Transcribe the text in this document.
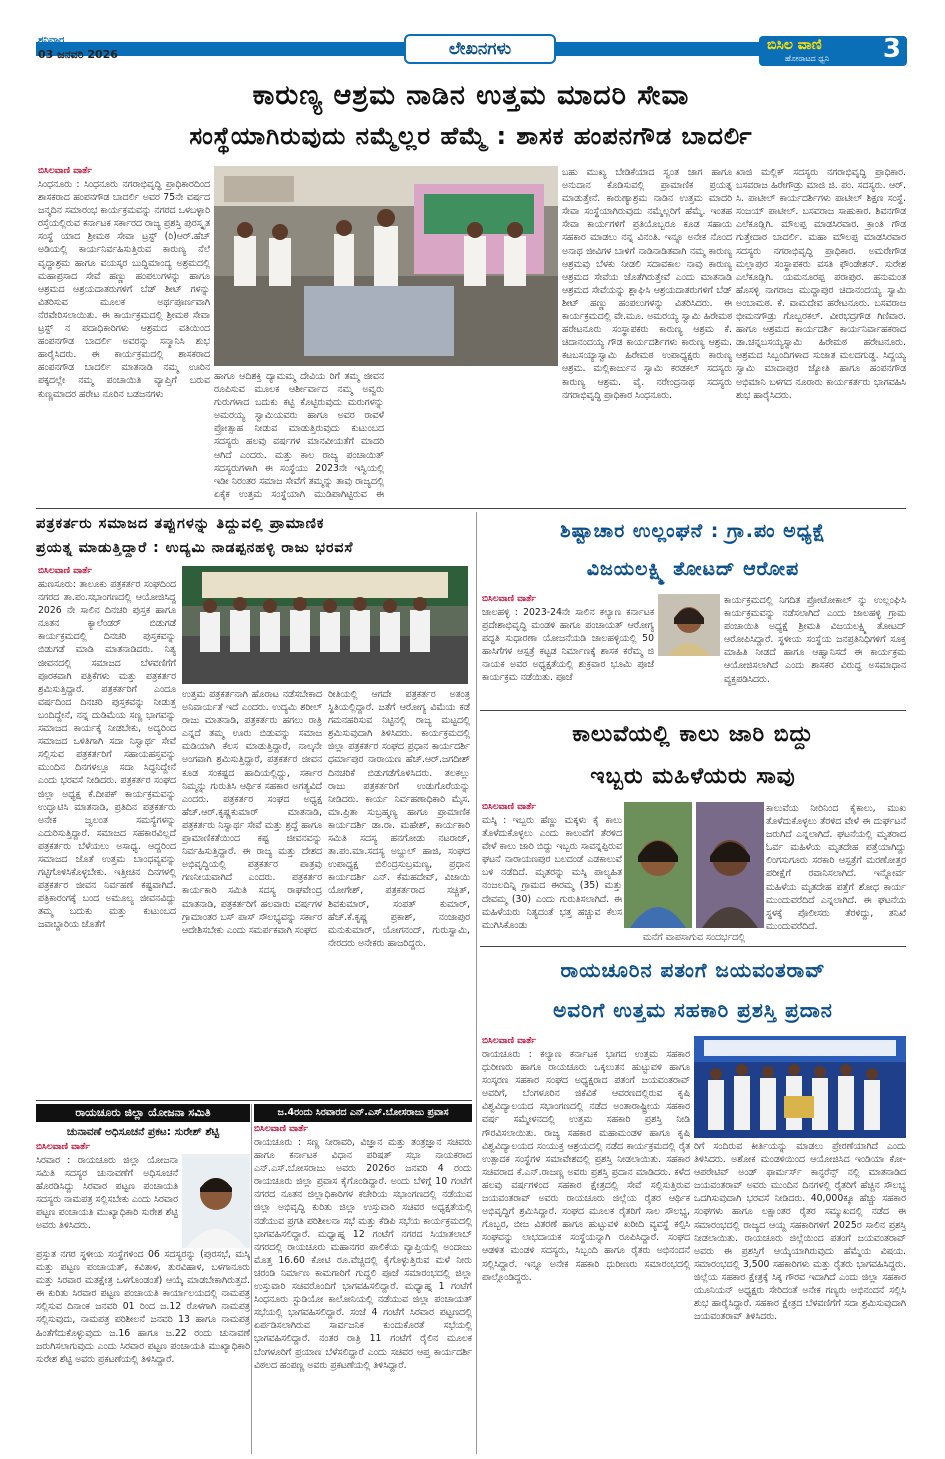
ಶನಿವಾರ
03 ಜನವರಿ 2026	ಲೇಖನಗಳು	ಬಿಸಿಲ ವಾಣಿ
ಹೋರಾಟದ ಧ್ವನಿ 3
ಕಾರುಣ್ಯ ಆಶ್ರಮ ನಾಡಿನ ಉತ್ತಮ ಮಾದರಿ ಸೇವಾ
ಸಂಸ್ಥೆಯಾಗಿರುವುದು ನಮ್ಮೆಲ್ಲರ ಹೆಮ್ಮೆ : ಶಾಸಕ ಹಂಪನಗೌಡ ಬಾದರ್ಲಿ
ಬಿಸಿಲವಾಣಿ ವಾರ್ತೆ
ಸಿಂಧನೂರು : ಸಿಂಧನೂರು ನಗರಾಭಿವೃದ್ಧಿ ಪ್ರಾಧಿಕಾರದಿಂದ ಶಾಸಕರಾದ ಹಂಪನಗೌಡ ಬಾದರ್ಲಿ ಅವರ 75ನೇ ವರ್ಷದ ಜನ್ಮದಿನ ಸಮಾರಂಭ ಕಾರ್ಯಕ್ರಮವನ್ನು ನಗರದ ಒಳಬಳ್ಳಾರಿ ರಸ್ತೆಯಲ್ಲಿರುವ ಕರ್ನಾಟಕ ಸರ್ಕಾರದ ರಾಜ್ಯ ಪ್ರಶಸ್ತಿ ಪುರಸ್ಕೃತ ಸಂಸ್ಥೆ ಯಾದ ಶ್ರೀಮಠ ಸೇವಾ ಟ್ರಸ್ಟ್ (ರಿ)ಆರ್.ಹೆಚ್ ಅಡಿಯಲ್ಲಿ ಕಾರ್ಯನಿರ್ವಹಿಸುತ್ತಿರುವ ಕಾರುಣ್ಯ ನೆಲೆ ವೃದ್ಧಾಶ್ರಮ ಹಾಗೂ ವಯಸ್ಕರ ಬುದ್ಧಿಮಾಂದ್ಯ ಅಶ್ರಮದಲ್ಲಿ ಮಹಾಪ್ರಸಾದ ಸೇವೆ ಹಣ್ಣು ಹಂಪಲುಗಳನ್ನು ಹಾಗೂ ಆಶ್ರಮದ ಆಶ್ರಯದಾತರುಗಳಿಗೆ ಬೆಡ್ ಶೀಟ್ ಗಳನ್ನು ವಿತರಿಸುವ ಮೂಲಕ ಅರ್ಥಪೂರ್ಣವಾಗಿ ನೆರವೇರಿಸಲಾಯಿತು. ಈ ಕಾರ್ಯಕ್ರಮದಲ್ಲಿ ಶ್ರೀಮಠ ಸೇವಾ ಟ್ರಸ್ಟ್ ನ ಪದಾಧಿಕಾರಿಗಳು ಆಶ್ರಮದ ವತಿಯಿಂದ ಹಂಪನಗೌಡ ಬಾದರ್ಲಿ ಅವರನ್ನು ಸನ್ಮಾನಿಸಿ ಶುಭ ಹಾರೈಸಿದರು. ಈ ಕಾರ್ಯಕ್ರಮದಲ್ಲಿ ಶಾಸಕರಾದ ಹಂಪನಗೌಡ ಬಾದರ್ಲಿ ಮಾತನಾಡಿ ನಮ್ಮ ಊರಿನ ಪಕ್ಕದಲ್ಲೇ ನಮ್ಮ ಪಂಚಾಯಿತಿ ವ್ಯಾಪ್ತಿಗೆ ಬರುವ ಕುಣ್ಣಮಾದರ ಹರೇಟ ನೂರಿನ ಬಡಜನಗಳು
ಹಾಗೂ ಆದಿಶಕ್ತಿ ದ್ಯಾಮಮ್ಮ ದೇವಿಯ ರಿಗೆ ತಮ್ಮ ಜೀವನ ರೂಪಿಸುವ ಮೂಲಕ ಆರ್ಶೀರ್ವಾದ ನಮ್ಮ ಅವ್ವರು ಗುರುಗಳಾದ ಬದುಕು ಕಟ್ಟಿ ಕೊಟ್ಟಿರುವುದು ಮರುಗಳನ್ನು ಅಮರಯ್ಯ ಸ್ವಾಮಿಯವರು ಹಾಗೂ ಅವರ ರಾವಳೆ ಪ್ರೋತ್ಸಾಹ ನೀಡುವ ಮಾಡುತ್ತಿರುವುದು ಕುಟುಂಬದ ಸದಸ್ಯರು ಹಲವು ವರ್ಷಗಳ ಮಾನವೀಯತೆಗೆ ಮಾದರಿ ಆಗಿದೆ ಎಂದರು. ಮತ್ತು ಕಾಲ ರಾಜ್ಯ ಪಂಚಾಯಿತ್ ಸದಸ್ಯರುಗಳಾಗಿ ಈ ಸಂಸ್ಥೆಯು 2023ನೇ ಇಸ್ವಿಯಲ್ಲಿ ಇಡೀ ನಿರಂತರ ಸಮಾಜ ಸೇವೆಗೆ ತಮ್ಮನ್ನು ತಾವು ರಾಜ್ಯದಲ್ಲಿ ಏಕೈಕ ಉತ್ತಮ ಸಂಸ್ಥೆಯಾಗಿ ಮುಡಿಪಾಗಿಟ್ಟಿರುವ ಈ
ಬಹು ಮುಖ್ಯ ಬೇಡಿಕೆಯಾದ ಸ್ವಂತ ಜಾಗ ಹಾಗೂ ಅನುದಾನ ಕೊಡಿಸುವಲ್ಲಿ ಪ್ರಾಮಾಣಿಕ ಪ್ರಯತ್ನ ಮಾಡುತ್ತೇನೆ. ಕಾರುಣ್ಯಾಶ್ರಮ ನಾಡಿನ ಉತ್ತಮ ಮಾದರಿ ಸೇವಾ ಸಂಸ್ಥೆಯಾಗಿರುವುದು ನಮ್ಮೆಲ್ಲರಿಗೆ ಹೆಮ್ಮೆ. ಇಂತಹ ಸೇವಾ ಕಾರ್ಯಗಳಿಗೆ ಪ್ರತಿಯೊಬ್ಬರೂ ಕೂಡ ಸಹಾಯ ಸಹಕಾರ ಮಾಡಲು ನನ್ನ ವಿನಂತಿ. ಇನ್ನೂ ಅನೇಕ ನೊಂದ ಅನಾಥ ಜೀವಿಗಳ ಬಾಳಿಗೆ ನಾಡಿನಾಡಿತವಾಗಿ ನಮ್ಮ ಕಾರುಣ್ಯ ಆಶ್ರಮವು ಬೆಳಕು ನೀಡಲಿ ಸದಾವಕಾಲ ನಾವು ಕಾರುಣ್ಯ ಆಶ್ರಮದ ಸೇವೆಯ ಜೊತೆಗಿರುತ್ತೇವೆ ಎಂದು ಮಾತನಾಡಿ ಆಶ್ರಮದ ಸೇವೆಯನ್ನು ಶ್ಲಾಘಿಸಿ ಆಶ್ರಯದಾತರುಗಳಿಗೆ ಬೆಡ್ ಶೀಟ್ ಹಣ್ಣು ಹಂಪಲುಗಳನ್ನು ವಿತರಿಸಿದರು. ಈ ಕಾರ್ಯಕ್ರಮದಲ್ಲಿ ವೇ.ಮೂ. ಅಮರಯ್ಯ ಸ್ವಾಮಿ ಹಿರೇಮಠ ಹರೇಟನೂರು ಸಂಸ್ಥಾಪಕರು ಕಾರುಣ್ಯ ಆಶ್ರಮ ಕೆ. ಚಿದಾನಂದಯ್ಯ ಗೌಡ ಕಾರ್ಯದರ್ಶಿಗಳು ಕಾರುಣ್ಯ ಆಶ್ರಮ. ಕಟಬಸಯ್ಯಾಸ್ವಾಮಿ ಹಿರೇಮಠ ಉಪಾಧ್ಯಕ್ಷರು ಕಾರುಣ್ಯ ಆಶ್ರಮ. ಮಲ್ಲಿಕಾರ್ಜುನ ಸ್ವಾಮಿ ಕರಡಕಲ್ ಸದಸ್ಯರು ಕಾರುಣ್ಯ ಆಶ್ರಮ. ವೈ. ನರೇಂದ್ರನಾಥ ಸದಸ್ಯರು ನಗರಾಭಿವೃದ್ಧಿ ಪ್ರಾಧಿಕಾರ ಸಿಂಧನೂರು.
ಖಾಜಿ ಮಲ್ಲಿಕ್ ಸದಸ್ಯರು ನಗರಾಭಿವೃದ್ಧಿ ಪ್ರಾಧಿಕಾರ. ಬಸವರಾಜ ಹಿರೇಗೌಡ್ರು ಮಾಜಿ ಜಿ. ಪಂ. ಸದಸ್ಯರು. ಆರ್. ಸಿ. ಪಾಟೀಲ್ ಕಾರ್ಯದರ್ಶಿಗಳು ಪಾಟೀಲ್ ಶಿಕ್ಷಣ ಸಂಸ್ಥೆ. ಸಂಜಯ್ ಪಾಟೀಲ್. ಬಸವರಾಜ ಸಾಹುಕಾರ. ಶಿವನಗೌಡ ಎಲೆಕೂಡ್ಲಿಗಿ. ಮೌಲಪ್ಪ ಮಾಡಸಿರವಾರ. ಕ್ರಾಂತಿ ಗೌಡ ಗುತ್ತೇದಾರ ಬಾದರ್ಲಿ. ಮಹಾ ಮೌಲಪ್ಪ ಮಾಡಸಿರವಾರ ಸದಸ್ಯರು ನಗರಾಭಿವೃದ್ಧಿ ಪ್ರಾಧಿಕಾರ. ಅಮರೇಗೌಡ ಮಲ್ಲಾಪುರ ಸಂಸ್ಥಾಪಕರು ವಸತಿ ಫೌಂಡೇಶನ್. ಸುರೇಶ ಎಲೆಕೂಡ್ಲಿಗಿ. ಯಮನೂರಪ್ಪ ಪರಾಪುರ. ಹನುಮಂತ ಹೊಸಳ್ಳಿ ನಾಗರಾಜ ಮುದ್ದಾಪುರ ಚಿದಾನಂದಯ್ಯ ಸ್ವಾಮಿ ಅಂಬಾಮಠ. ಕೆ. ವಾಮದೇವ ಹರೇಟನೂರು. ಬಸವರಾಜ ಭೀಮನಗೌಡ್ರು ಗೊಬ್ಬರಕಲ್. ವೀರಭದ್ರಗೌಡ ಗಿಣಿವಾರ. ಹಾಗೂ ಆಶ್ರಮದ ಕಾರ್ಯದರ್ಶಿ ಕಾರ್ಯನಿರ್ವಾಹಕರಾದ ಡಾ.ಚನ್ನಬಸಯ್ಯಸ್ವಾಮಿ ಹಿರೇಮಠ ಹರೇಟನೂರು. ಆಶ್ರಮದ ಸಿಬ್ಬಂದಿಗಳಾದ ಸುಜಾತ ಮಲದಗುಡ್ಡ. ಸಿದ್ದಯ್ಯ ಸ್ವಾಮಿ ಮಾದಾಪುರ ಜ್ಯೋತಿ ಹಾಗೂ ಹಂಪನಗೌಡ ಅಭಿಮಾನಿ ಬಳಗದ ನೂರಾರು ಕಾರ್ಯಕರ್ತರು ಭಾಗವಹಿಸಿ ಶುಭ ಹಾರೈಸಿದರು.
ಪತ್ರಕರ್ತರು ಸಮಾಜದ ತಪ್ಪುಗಳನ್ನು ತಿದ್ದುವಲ್ಲಿ ಪ್ರಾಮಾಣಿಕ
ಪ್ರಯತ್ನ ಮಾಡುತ್ತಿದ್ದಾರೆ : ಉದ್ಯಮಿ ನಾಡಪ್ಪನಹಳ್ಳಿ ರಾಜು ಭರವಸೆ
ಬಿಸಿಲವಾಣಿ ವಾರ್ತೆ
ಹುಣಸೂರು: ತಾಲೂಕು ಪತ್ರಕರ್ತರ ಸಂಘದಿಂದ ನಗರದ ತಾ.ಪಂ.ಸಭಾಂಗಣದಲ್ಲಿ ಆಯೋಜಿಸಿದ್ದ 2026 ನೇ ಸಾಲಿನ ದಿನಚರಿ ಪುಸ್ತಕ ಹಾಗೂ ನೂತನ ಕ್ಯಾಲೆಂಡರ್ ಬಿಡುಗಡೆ ಕಾರ್ಯಕ್ರಮದಲ್ಲಿ ದಿನಚರಿ ಪುಸ್ತಕವನ್ನು ಬಿಡುಗಡೆ ಮಾಡಿ ಮಾತನಾಡಿದರು. ನಿತ್ಯ ಜೀವನದಲ್ಲಿ ಸಮಾಜದ ಬೆಳವಣಿಗೆಗೆ ಪೂರಕವಾಗಿ ಪತ್ರಿಕೆಗಳು ಮತ್ತು ಪತ್ರಕರ್ತರ ಶ್ರಮಿಸುತ್ತಿದ್ದಾರೆ. ಪತ್ರಕರ್ತರಿಗೆ ಎಂದೂ ವರ್ಷದಿಂದ ದಿನಚರಿ ಪುಸ್ತಕವನ್ನು ನೀಡುತ್ತ ಬಂದಿದ್ದೇನೆ, ನನ್ನ ದುಡಿಮೆಯ ಸಣ್ಣ ಭಾಗವನ್ನು ಸಮಾಜದ ಕಾರ್ಯಕ್ಕೆ ನೀಡಬೇಕು, ಅದ್ಯರಿಂದ ಸಮಾಜದ ಒಳಿತಿಗಾಗಿ ಸದಾ ನಿಸ್ವಾರ್ಥ ಸೇವೆ ಸಲ್ಲಿಸುವ ಪತ್ರಕರ್ತರಿಗೆ ಸಹಾಯಹಸ್ತವನ್ನು ಮುಂದಿನ ದಿನಗಳಲ್ಲೂ ಸದಾ ಸಿದ್ಧನಿದ್ದೇನೆ ಎಂದು ಭರವಸೆ ನೀಡಿದರು. ಪತ್ರಕರ್ತರ ಸಂಘದ ಜಿಲ್ಲಾ ಅಧ್ಯಕ್ಷ ಕೆ.ದೀಪಕ್ ಕಾರ್ಯಕ್ರಮವನ್ನು ಉದ್ಘಾಟಿಸಿ ಮಾತನಾಡಿ, ಪ್ರತಿದಿನ ಪತ್ರಕರ್ತರು ಅನೇಕ ಜ್ವಲಂತ ಸಮಸ್ಯೆಗಳನ್ನು ಎದುರಿಸುತ್ತಿದ್ದಾರೆ. ಸಮಾಜದ ಸಹಕಾರವಿಲ್ಲದೆ ಪತ್ರಕರ್ತರು ಬೆಳೆಯಲು ಅಸಾಧ್ಯ. ಆದ್ದರಿಂದ ಸಮಾಜದ ಜೊತೆ ಉತ್ತಮ ಬಾಂಧವ್ಯವನ್ನು ಗಟ್ಟಿಗೊಳಿಸಿಕೊಳ್ಳಬೇಕು. ಇತ್ತೀಚಿನ ದಿನಗಳಲ್ಲಿ ಪತ್ರಕರ್ತರ ಜೀವನ ನಿರ್ವಹಣೆ ಕಷ್ಟವಾಗಿದೆ. ಪತ್ರಿಕಾರಂಗಕ್ಕೆ ಬಂದ ಅಮೂಲ್ಯ ಜೀವನವಿದ್ದು ತಮ್ಮ ಬದುಕು ಮತ್ತು ಕುಟುಂಬದ ಜವಾಬ್ದಾರಿಯ ಜೊತೆಗೆ
ಉತ್ತಮ ಪತ್ರಕರ್ತನಾಗಿ ಹೊರಾಟ ನಡೆಸಬೇಕಾದ ಅನಿವಾರ್ಯತೆ ಇದೆ ಎಂದರು. ಉದ್ಯಮಿ ಶರೀಲ್ ರಾಜು ಮಾತನಾಡಿ, ಪತ್ರಕರ್ತರು ಹಗಲು ರಾತ್ರಿ ಎನ್ನದೆ ತಮ್ಮ ಊರು ಬಿಡುವನ್ನು ಸಮಾಜ ಮಡಿಯಾಗಿ ಕೆಲಸ ಮಾಡುತ್ತಿದ್ದಾರೆ, ನಾಲ್ಕನೇ ಅಂಗವಾಗಿ ಶ್ರಮಿಸುತ್ತಿದ್ದಾರೆ, ಪತ್ರಕರ್ತರ ಜೀವನ ಕೂಡ ಸಂಕಷ್ಟದ ಹಾದಿಯಲ್ಲಿದ್ದು, ಸರ್ಕಾರ ನಿಮ್ಮನ್ನು ಗುರುತಿಸಿ ಆರ್ಥಿಕ ಸಹಕಾರ ಅಗತ್ಯವಿದೆ ಎಂದರು. ಪತ್ರಕರ್ತರ ಸಂಘದ ಅಧ್ಯಕ್ಷ ಹೆಚ್.ಆರ್.ಕೃಷ್ಣಕುಮಾರ್ ಮಾತನಾಡಿ, ಪತ್ರಕರ್ತರು ನಿಸ್ವಾರ್ಥ ಸೇವೆ ಮತ್ತು ಶ್ರದ್ಧೆ ಹಾಗೂ ಪ್ರಾಮಾಣಿಕತೆಯಿಂದ ಕಷ್ಟ ಜೀವನವನ್ನು ನಿರ್ವಹಿಸುತ್ತಿದ್ದಾರೆ. ಈ ರಾಜ್ಯ ಮತ್ತು ದೇಶದ ಅಭಿವೃದ್ಧಿಯಲ್ಲಿ ಪತ್ರಕರ್ತರ ಪಾತ್ರವು ಗಣನೀಯವಾಗಿದೆ ಎಂದರು. ಪತ್ರಕರ್ತರ ಕಾರ್ಯಕಾರಿ ಸಮಿತಿ ಸದಸ್ಯ ರಾಘವೇಂದ್ರ ಮಾತನಾಡಿ, ಪತ್ರಕರ್ತರಿಗೆ ಹಲವಾರು ವರ್ಷಗಳ ಗ್ರಾಮಾಂತರ ಬಸ್ ಪಾಸ್ ಸೌಲಭ್ಯವನ್ನು ಸರ್ಕಾರ ಆದೇಶಿಸಬೇಕು ಎಂದು ಸಮರ್ಪಕವಾಗಿ ಸಂಘದ
ರೀತಿಯಲ್ಲಿ ಆಗದೇ ಪತ್ರಕರ್ತರ ಅತಂತ್ರ ಸ್ಥಿತಿಯಲ್ಲಿದ್ದಾರೆ. ಜತೆಗೆ ಆರೋಗ್ಯ ವಿಮೆಯ ಕಡೆ ಗಮನಹರಿಸುವ ನಿಟ್ಟಿನಲ್ಲಿ ರಾಜ್ಯ ಮಟ್ಟದಲ್ಲಿ ಶ್ರಮಿಸುವುದಾಗಿ ತಿಳಿಸಿದರು. ಕಾರ್ಯಕ್ರಮದಲ್ಲಿ ಜಿಲ್ಲಾ ಪತ್ರಕರ್ತರ ಸಂಘದ ಪ್ರಧಾನ ಕಾರ್ಯದರ್ಶಿ ಧರ್ಮಾಪುರ ನಾರಾಯಣ ಹೆಚ್.ಆರ್.ಜಗದೀಶ್ ದಿನಚರಿಕೆ ಬಿಡುಗಡೆಗೊಳಿಸಿದರು. ತಲಕಲ್ಲು ರಾಜು ಪತ್ರಕರ್ತರಿಗೆ ಉಡುಗೊರೆಯನ್ನು ನೀಡಿದರು. ಕಾರ್ಯ ನಿರ್ವಹಣಾಧಿಕಾರಿ ಮೈಸ. ಮಾ.ಪ್ರಿತಾ ಸುಬ್ರಹ್ಮಣ್ಯ ಹಾಗೂ ಪ್ರಾಮಾಣಿಕ ಕಾರ್ಯದರ್ಶಿ ಡಾ.ರಾ. ಮಹೇಶ್, ಕಾರ್ಯಕಾರಿ ಸಮಿತಿ ಸದಸ್ಯ ಹನಗೋಡು ನಟರಾಜ್, ತಾ.ಪಂ.ಮಾ.ಸದಸ್ಯ ಅಬ್ದುಲ್ ಹಾಜಿ, ಸಂಘದ ಉಪಾಧ್ಯಕ್ಷ ಬಿಲಿಂದ್ರಸುಬ್ರಮಣ್ಯ, ಪ್ರಧಾನ ಕಾರ್ಯದರ್ಶಿ ಎನ್. ಕೆಮಹದೇವ್, ವಿಜಾಯಿ ಯೋಗೇಶ್, ಪತ್ರಕರ್ತರಾದ ಸಚ್ಚಿತ್, ಶಿವಕುಮಾರ್, ಸಂಪತ್ ಕುಮಾರ್, ಹೆಚ್.ಕೆ.ಕೃಷ್ಣ ಪ್ರಕಾಶ್, ನಂಜಾಪುರ ಮನುಕುಮಾರ್, ಯೋಗನಂದ್, ಗುರುಸ್ವಾಮಿ, ನೇರದರು ಅನೇಕರು ಹಾಜರಿದ್ದರು.
ಶಿಷ್ಟಾಚಾರ ಉಲ್ಲಂಘನೆ : ಗ್ರಾ.ಪಂ ಅಧ್ಯಕ್ಷೆ
ವಿಜಯಲಕ್ಷ್ಮಿ ತೋಟದ್ ಆರೋಪ
ಬಿಸಿಲವಾಣಿ ವಾರ್ತೆ
ಜಾಲಹಳ್ಳಿ : 2023-24ನೇ ಸಾಲಿನ ಕಲ್ಯಾಣ ಕರ್ನಾಟಕ ಪ್ರದೇಶಾಭಿವೃದ್ಧಿ ಮಂಡಳಿ ಹಾಗೂ ಪಂಚಾಯತ್ ಆರೋಗ್ಯ ಪದ್ಧತಿ ಸುಧಾರಣಾ ಯೋಜನೆಯಡಿ ಜಾಲಹಳ್ಳಿಯಲ್ಲಿ 50 ಹಾಸಿಗೆಗಳ ಆಸ್ಪತ್ರೆ ಕಟ್ಟಡ ನಿರ್ಮಾಣಕ್ಕೆ ಶಾಸಕ ಕರೆಮ್ಮ ಜಿ ನಾಯಕ ಅವರ ಅಧ್ಯಕ್ಷತೆಯಲ್ಲಿ ಶುಕ್ರವಾರ ಭೂಮಿ ಪೂಜೆ ಕಾರ್ಯಕ್ರಮ ನಡೆಯಿತು. ಪೂಜೆ
ಕಾರ್ಯಕ್ರಮದಲ್ಲಿ ನಿಗದಿತ ಪ್ರೋಟೋಕಾಲ್ ನ್ನು ಉಲ್ಲಂಘಿಸಿ ಕಾರ್ಯಕ್ರಮವನ್ನು ನಡೆಸಲಾಗಿದೆ ಎಂದು ಜಾಲಹಳ್ಳಿ ಗ್ರಾಮ ಪಂಚಾಯಿತಿ ಅಧ್ಯಕ್ಷೆ ಶ್ರೀಮತಿ ವಿಜಯಲಕ್ಷ್ಮಿ ತೋಟದ್ ಆರೋಪಿಸಿದ್ದಾರೆ. ಸ್ಥಳೀಯ ಸಂಸ್ಥೆಯ ಜನಪ್ರತಿನಿಧಿಗಳಿಗೆ ಸೂಕ್ತ ಮಾಹಿತಿ ನೀಡದೆ ಹಾಗೂ ಆಹ್ವಾನಿಸದೆ ಈ ಕಾರ್ಯಕ್ರಮ ಆಯೋಜಿಸಲಾಗಿದೆ ಎಂದು ಶಾಸಕರ ವಿರುದ್ಧ ಅಸಮಾಧಾನ ವ್ಯಕ್ತಪಡಿಸಿದರು.
ಕಾಲುವೆಯಲ್ಲಿ ಕಾಲು ಜಾರಿ ಬಿದ್ದು
ಇಬ್ಬರು ಮಹಿಳೆಯರು ಸಾವು
ಬಿಸಿಲವಾಣಿ ವಾರ್ತೆ
ಮಸ್ಕಿ : ಇಬ್ಬರು ಹೆಣ್ಣು ಮಕ್ಕಳು ಕೈ ಕಾಲು ತೊಳೆದುಕೊಳ್ಳಲು ಎಂದು ಕಾಲುವೆಗೆ ತೆರಳಿದ ವೇಳೆ ಕಾಲು ಜಾರಿ ಬಿದ್ದು ಇಬ್ಬರು ಸಾವನ್ನಪ್ಪಿರುವ ಘಟನೆ ನಾರಾಯಣಪುರ ಬಲದಂಡೆ ಎಡಕಾಲುವೆ ಬಳಿ ನಡೆದಿದೆ. ಮೃತರನ್ನು ಮಸ್ಕಿ ಪಾಲ್ಯಹಿತ ನಂಜಲದಿನ್ನಿ ಗ್ರಾಮದ ಈರಮ್ಮ (35) ಮತ್ತು ದೇವಮ್ಮ (30) ಎಂದು ಗುರುತಿಸಲಾಗಿದೆ. ಈ ಮಹಿಳೆಯರು ನಿತ್ಯದಂತೆ ಭತ್ತ ಹಚ್ಚುವ ಕೆಲಸ ಮುಗಿಸಿಕೊಂಡು
ಮನೆಗೆ ವಾಪಸಾಗುವ ಸಂದರ್ಭದಲ್ಲಿ
ಕಾಲುವೆಯ ನೀರಿನಿಂದ ಕೈಕಾಲು, ಮುಖ ತೊಳೆದುಕೊಳ್ಳಲು ತೆರಳಿದ ವೇಳೆ ಈ ದುರ್ಘಟನೆ ಜರುಗಿದೆ ಎನ್ನಲಾಗಿದೆ. ಘಟನೆಯಲ್ಲಿ ಮೃತರಾದ ಓರ್ವ ಮಹಿಳೆಯ ಮೃತದೇಹ ಪತ್ತೆಯಾಗಿದ್ದು ಲಿಂಗಸುಗೂರು ಸರಕಾರಿ ಆಸ್ಪತ್ರೆಗೆ ಮರಣೋತ್ತರ ಪರೀಕ್ಷೆಗೆ ರವಾನಿಸಲಾಗಿದೆ. ಇನ್ನೋರ್ವ ಮಹಿಳೆಯ ಮೃತದೇಹ ಪತ್ತೆಗೆ ಶೋಧ ಕಾರ್ಯ ಮುಂದುವರೆದಿದೆ ಎನ್ನಲಾಗಿದೆ. ಈ ಘಟನೆಯ ಸ್ಥಳಕ್ಕೆ ಪೊಲೀಸರು ತೆರಳಿದ್ದು, ತನಿಖೆ ಮುಂದುವರೆದಿದೆ.
ರಾಯಚೂರಿನ ಪತಂಗೆ ಜಯವಂತರಾವ್
ಅವರಿಗೆ ಉತ್ತಮ ಸಹಕಾರಿ ಪ್ರಶಸ್ತಿ ಪ್ರದಾನ
ಬಿಸಿಲವಾಣಿ ವಾರ್ತೆ
ರಾಯಚೂರು : ಕಲ್ಯಾಣ ಕರ್ನಾಟಕ ಭಾಗದ ಉತ್ತಮ ಸಹಕಾರ ಧುರೀಣರು ಹಾಗೂ ರಾಯಚೂರು ಒಕ್ಕಲುತನ ಹುಟ್ಟುವಳಿ ಹಾಗೂ ಸಂಸ್ಕರಣ ಸಹಕಾರ ಸಂಘದ ಅಧ್ಯಕ್ಷರಾದ ಪತಂಗೆ ಜಯವಂತರಾವ್ ಅವರಿಗೆ, ಬೆಂಗಳೂರಿನ ಜಿಕೆವಿಕೆ ಆವರಣದಲ್ಲಿರುವ ಕೃಷಿ ವಿಶ್ವವಿದ್ಯಾಲಯದ ಸಭಾಂಗಣದಲ್ಲಿ ನಡೆದ ಅಂತಾರಾಷ್ಟ್ರೀಯ ಸಹಕಾರ ವರ್ಷ ಸಮ್ಮೇಳನದಲ್ಲಿ ಉತ್ತಮ ಸಹಕಾರಿ ಪ್ರಶಸ್ತಿ ನೀಡಿ ಗೌರವಿಸಲಾಯಿತು. ರಾಜ್ಯ ಸಹಕಾರ ಮಹಾಮಂಡಳ ಹಾಗೂ ಕೃಷಿ ವಿಶ್ವವಿದ್ಯಾಲಯದ ಸಂಯುಕ್ತ ಆಶ್ರಯದಲ್ಲಿ ನಡೆದ ಕಾರ್ಯಕ್ರಮದಲ್ಲಿ ರೈತ ಉತ್ಪಾದಕ ಸಂಸ್ಥೆಗಳ ಸಮಾವೇಶದಲ್ಲಿ ಪ್ರಶಸ್ತಿ ನೀಡಲಾಯಿತು. ಸಹಕಾರ ಸಚಿವರಾದ ಕೆ.ಎನ್.ರಾಜಣ್ಣ ಅವರು ಪ್ರಶಸ್ತಿ ಪ್ರದಾನ ಮಾಡಿದರು. ಕಳೆದ ಹಲವು ವರ್ಷಗಳಿಂದ ಸಹಕಾರ ಕ್ಷೇತ್ರದಲ್ಲಿ ಸೇವೆ ಸಲ್ಲಿಸುತ್ತಿರುವ ಜಯವಂತರಾವ್ ಅವರು ರಾಯಚೂರು ಜಿಲ್ಲೆಯ ರೈತರ ಆರ್ಥಿಕ ಅಭಿವೃದ್ಧಿಗೆ ಶ್ರಮಿಸಿದ್ದಾರೆ. ಸಂಘದ ಮೂಲಕ ರೈತರಿಗೆ ಸಾಲ ಸೌಲಭ್ಯ, ಗೊಬ್ಬರ, ಬೀಜ ವಿತರಣೆ ಹಾಗೂ ಹುಟ್ಟುವಳಿ ಖರೀದಿ ವ್ಯವಸ್ಥೆ ಕಲ್ಪಿಸಿ ಸಂಘವನ್ನು ಲಾಭದಾಯಕ ಸಂಸ್ಥೆಯನ್ನಾಗಿ ರೂಪಿಸಿದ್ದಾರೆ. ಸಂಘದ ಆಡಳಿತ ಮಂಡಳಿ ಸದಸ್ಯರು, ಸಿಬ್ಬಂದಿ ಹಾಗೂ ರೈತರು ಅಭಿನಂದನೆ ಸಲ್ಲಿಸಿದ್ದಾರೆ. ಇನ್ನೂ ಅನೇಕ ಸಹಕಾರಿ ಧುರೀಣರು ಸಮಾರಂಭದಲ್ಲಿ ಪಾಲ್ಗೊಂಡಿದ್ದರು.
ರಿಗೆ ಸಂದಿರುವ ಕೀರ್ತಿಯನ್ನು ಮಾಡಲು ಪ್ರೇರಣೆಯಾಗಿದೆ ಎಂದು ತಿಳಿಸಿದರು. ಅಶೋಕ ಮಂಡಳಿಯಿಂದ ಆಯೋಜಿಸಿದ ಇಂಡಿಯಾ ಕೋ-ಆಪರೇಟಿವ್ ಅಂಡ್ ಫಾರ್ಮರ್ಸ್ ಕಾನ್ಫರೆನ್ಸ್ ನಲ್ಲಿ ಮಾತನಾಡಿದ ಜಯವಂತರಾವ್ ಅವರು ಮುಂದಿನ ದಿನಗಳಲ್ಲಿ ರೈತರಿಗೆ ಹೆಚ್ಚಿನ ಸೌಲಭ್ಯ ಒದಗಿಸುವುದಾಗಿ ಭರವಸೆ ನೀಡಿದರು. 40,000ಕ್ಕೂ ಹೆಚ್ಚು ಸಹಕಾರ ಸಂಘಗಳು ಹಾಗೂ ಲಕ್ಷಾಂತರ ರೈತರ ಸಮ್ಮುಖದಲ್ಲಿ ನಡೆದ ಈ ಸಮಾರಂಭದಲ್ಲಿ ರಾಜ್ಯದ ಆಯ್ದ ಸಹಕಾರಿಗಳಿಗೆ 2025ರ ಸಾಲಿನ ಪ್ರಶಸ್ತಿ ನೀಡಲಾಯಿತು. ರಾಯಚೂರು ಜಿಲ್ಲೆಯಿಂದ ಪತಂಗೆ ಜಯವಂತರಾವ್ ಅವರು ಈ ಪ್ರಶಸ್ತಿಗೆ ಆಯ್ಕೆಯಾಗಿರುವುದು ಹೆಮ್ಮೆಯ ವಿಷಯ. ಸಮಾರಂಭದಲ್ಲಿ 3,500 ಸಹಕಾರಿಗಳು ಮತ್ತು ರೈತರು ಭಾಗವಹಿಸಿದ್ದರು. ಜಿಲ್ಲೆಯ ಸಹಕಾರ ಕ್ಷೇತ್ರಕ್ಕೆ ಸಿಕ್ಕ ಗೌರವ ಇದಾಗಿದೆ ಎಂದು ಜಿಲ್ಲಾ ಸಹಕಾರ ಯೂನಿಯನ್ ಅಧ್ಯಕ್ಷರು ಸೇರಿದಂತೆ ಅನೇಕ ಗಣ್ಯರು ಅಭಿನಂದನೆ ಸಲ್ಲಿಸಿ ಶುಭ ಹಾರೈಸಿದ್ದಾರೆ. ಸಹಕಾರ ಕ್ಷೇತ್ರದ ಬೆಳವಣಿಗೆಗೆ ಸದಾ ಶ್ರಮಿಸುವುದಾಗಿ ಜಯವಂತರಾವ್ ತಿಳಿಸಿದರು.
ರಾಯಚೂರು ಜಿಲ್ಲಾ ಯೋಜನಾ ಸಮಿತಿ
ಚುನಾವಣೆ ಅಧಿಸೂಚನೆ ಪ್ರಕಟ: ಸುರೇಶ್ ಶೆಟ್ಟಿ
ಬಿಸಿಲವಾಣಿ ವಾರ್ತೆ
ಸಿರವಾರ : ರಾಯಚೂರು ಜಿಲ್ಲಾ ಯೋಜನಾ ಸಮಿತಿ ಸದಸ್ಯರ ಚುನಾವಣೆಗೆ ಅಧಿಸೂಚನೆ ಹೊರಡಿಸಿದ್ದು ಸಿರವಾರ ಪಟ್ಟಣ ಪಂಚಾಯತಿ ಸದಸ್ಯರು ನಾಮಪತ್ರ ಸಲ್ಲಿಸಬೇಕು ಎಂದು ಸಿರವಾರ ಪಟ್ಟಣ ಪಂಚಾಯತಿ ಮುಖ್ಯಾಧಿಕಾರಿ ಸುರೇಶ ಶೆಟ್ಟಿ ಅವರು ತಿಳಿಸಿದರು.
ಪ್ರಸ್ತುತ ನಗರ ಸ್ಥಳೀಯ ಸಂಸ್ಥೆಗಳಿಂದ 06 ಸದಸ್ಯರನ್ನು (ಪುರಸಭೆ, ಮಸ್ಕಿ ಮತ್ತು ಪಟ್ಟಣ ಪಂಚಾಯತ್, ಕವಿತಾಳ, ತುರವಿಹಾಳ, ಬಳಗಾನೂರು ಮತ್ತು ಸಿರವಾರ ಮತಕ್ಷೇತ್ರ ಒಳಗೊಂಡಂತೆ) ಆಯ್ಕೆ ಮಾಡಬೇಕಾಗಿರುತ್ತದೆ. ಈ ಕುರಿತು ಸಿರವಾರ ಪಟ್ಟಣ ಪಂಚಾಯತಿ ಕಾರ್ಯಾಲಯದಲ್ಲಿ ನಾಮಪತ್ರ ಸಲ್ಲಿಸುವ ದಿನಾಂಕ ಜನವರಿ 01 ರಿಂದ ಜ.12 ರೊಳಗಾಗಿ ನಾಮಪತ್ರ ಸಲ್ಲಿಸುವುದು, ನಾಮಪತ್ರ ಪರಿಶೀಲನೆ ಜನವರಿ 13 ಹಾಗೂ ನಾಮಪತ್ರ ಹಿಂತೆಗೆದುಕೊಳ್ಳುವುದು ಜ.16 ಹಾಗೂ ಜ.22 ರಂದು ಚುನಾವಣೆ ಜರುಗಿಸಲಾಗುವುದು ಎಂದು ಸಿರವಾರ ಪಟ್ಟಣ ಪಂಚಾಯತಿ ಮುಖ್ಯಾಧಿಕಾರಿ ಸುರೇಶ ಶೆಟ್ಟಿ ಅವರು ಪ್ರಕಟಣೆಯಲ್ಲಿ ತಿಳಿಸಿದ್ದಾರೆ.
ಜ.4ರಂದು ಸಿರವಾರದ ಎನ್.ಎಸ್.ಬೋಸರಾಜು ಪ್ರವಾಸ
ಬಿಸಿಲವಾಣಿ ವಾರ್ತೆ
ರಾಯಚೂರು : ಸಣ್ಣ ನೀರಾವರಿ, ವಿಜ್ಞಾನ ಮತ್ತು ತಂತ್ರಜ್ಞಾನ ಸಚಿವರು ಹಾಗೂ ಕರ್ನಾಟಕ ವಿಧಾನ ಪರಿಷತ್ ಸಭಾ ನಾಯಕರಾದ ಎನ್.ಎಸ್.ಬೋಸರಾಜು ಅವರು 2026ರ ಜನವರಿ 4 ರಂದು ರಾಯಚೂರು ಜಿಲ್ಲಾ ಪ್ರವಾಸ ಕೈಗೊಂಡಿದ್ದಾರೆ. ಅಂದು ಬೆಳಿಗ್ಗೆ 10 ಗಂಟೆಗೆ ನಗರದ ನೂತನ ಜಿಲ್ಲಾಧಿಕಾರಿಗಳ ಕಚೇರಿಯ ಸಭಾಂಗಣದಲ್ಲಿ ನಡೆಯುವ ಜಿಲ್ಲಾ ಅಭಿವೃದ್ಧಿ ಕುರಿತು ಜಿಲ್ಲಾ ಉಸ್ತುವಾರಿ ಸಚಿವರ ಅಧ್ಯಕ್ಷತೆಯಲ್ಲಿ ನಡೆಯುವ ಪ್ರಗತಿ ಪರಿಶೀಲನಾ ಸಭೆ ಮತ್ತು ಕೆಡಿಪಿ ಸಭೆಯ ಕಾರ್ಯಕ್ರಮದಲ್ಲಿ ಭಾಗವಹಿಸಲಿದ್ದಾರೆ. ಮಧ್ಯಾಹ್ನ 12 ಗಂಟೆಗೆ ನಗರದ ಸಿಯಾತಲಾಬ್ ನಗರದಲ್ಲಿ ರಾಯಚೂರು ಮಹಾನಗರ ಪಾಲಿಕೆಯ ವ್ಯಾಪ್ತಿಯಲ್ಲಿ ಅಂದಾಜು ಮೊತ್ತ 16.60 ಕೋಟಿ ರೂ.ವೆಚ್ಚದಲ್ಲಿ ಕೈಗೊಳ್ಳುತ್ತಿರುವ ಮಳೆ ನೀರು ಚರಂಡಿ ನಿರ್ಮಾಣ ಕಾಮಗಾರಿಗೆ ಗುದ್ದಲಿ ಪೂಜೆ ಸಮಾರಂಭದಲ್ಲಿ ಜಿಲ್ಲಾ ಉಸ್ತುವಾರಿ ಸಚಿವರೊಂದಿಗೆ ಭಾಗವಹಿಸಲಿದ್ದಾರೆ. ಮಧ್ಯಾಹ್ನ 1 ಗಂಟೆಗೆ ಸಿಂಧನೂರು ಸ್ಟುಡಿಯೋ ಕಾಲೋನಿಯಲ್ಲಿ ನಡೆಯುವ ಜಿಲ್ಲಾ ಪಂಚಾಯತ್ ಸಭೆಯಲ್ಲಿ ಭಾಗವಹಿಸಲಿದ್ದಾರೆ. ಸಂಜೆ 4 ಗಂಟೆಗೆ ಸಿರವಾರ ಪಟ್ಟಣದಲ್ಲಿ ಏರ್ಪಡಿಸಲಾಗಿರುವ ಸಾರ್ವಜನಿಕ ಕುಂದುಕೊರತೆ ಸಭೆಯಲ್ಲಿ ಭಾಗವಹಿಸಲಿದ್ದಾರೆ. ನಂತರ ರಾತ್ರಿ 11 ಗಂಟೆಗೆ ರೈಲಿನ ಮೂಲಕ ಬೆಂಗಳೂರಿಗೆ ಪ್ರಯಾಣ ಬೆಳೆಸಲಿದ್ದಾರೆ ಎಂದು ಸಚಿವರ ಆಪ್ತ ಕಾರ್ಯದರ್ಶಿ ವಿಠಲದ ಹಂಪಣ್ಣ ಅವರು ಪ್ರಕಟಣೆಯಲ್ಲಿ ತಿಳಿಸಿದ್ದಾರೆ.
